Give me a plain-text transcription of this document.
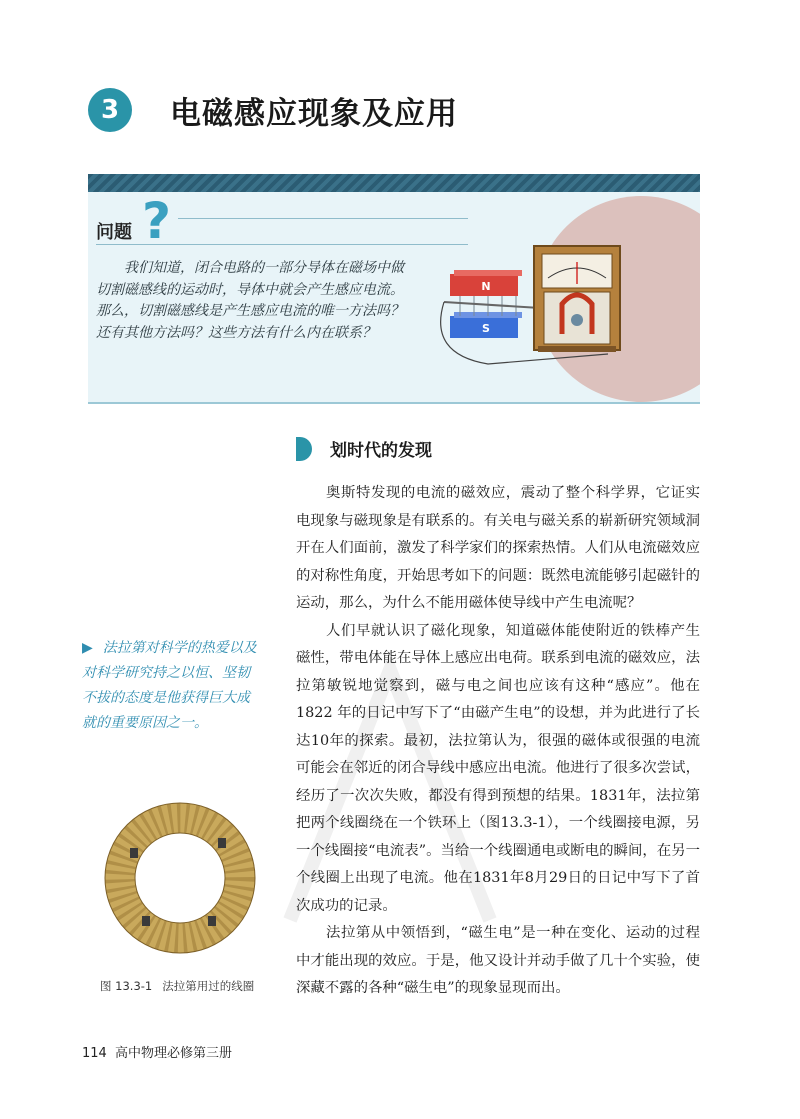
3	电磁感应现象及应用
问题 ?
我们知道，闭合电路的一部分导体在磁场中做切割磁感线的运动时，导体中就会产生感应电流。那么，切割磁感线是产生感应电流的唯一方法吗？还有其他方法吗？这些方法有什么内在联系？
N
S
划时代的发现

奥斯特发现的电流的磁效应，震动了整个科学界，它证实电现象与磁现象是有联系的。有关电与磁关系的崭新研究领域洞开在人们面前，激发了科学家们的探索热情。人们从电流磁效应的对称性角度，开始思考如下的问题：既然电流能够引起磁针的运动，那么，为什么不能用磁体使导线中产生电流呢？

人们早就认识了磁化现象，知道磁体能使附近的铁棒产生磁性，带电体能在导体上感应出电荷。联系到电流的磁效应，法拉第敏锐地觉察到，磁与电之间也应该有这种“感应”。他在1822 年的日记中写下了“由磁产生电”的设想，并为此进行了长达10年的探索。最初，法拉第认为，很强的磁体或很强的电流可能会在邻近的闭合导线中感应出电流。他进行了很多次尝试，经历了一次次失败，都没有得到预想的结果。1831年，法拉第把两个线圈绕在一个铁环上（图13.3-1），一个线圈接电源，另一个线圈接“电流表”。当给一个线圈通电或断电的瞬间，在另一个线圈上出现了电流。他在1831年8月29日的日记中写下了首次成功的记录。

法拉第从中领悟到，“磁生电”是一种在变化、运动的过程中才能出现的效应。于是，他又设计并动手做了几十个实验，使深藏不露的各种“磁生电”的现象显现而出。

▶ 法拉第对科学的热爱以及对科学研究持之以恒、坚韧不拔的态度是他获得巨大成就的重要原因之一。
图 13.3-1 法拉第用过的线圈
114 高中物理必修第三册
